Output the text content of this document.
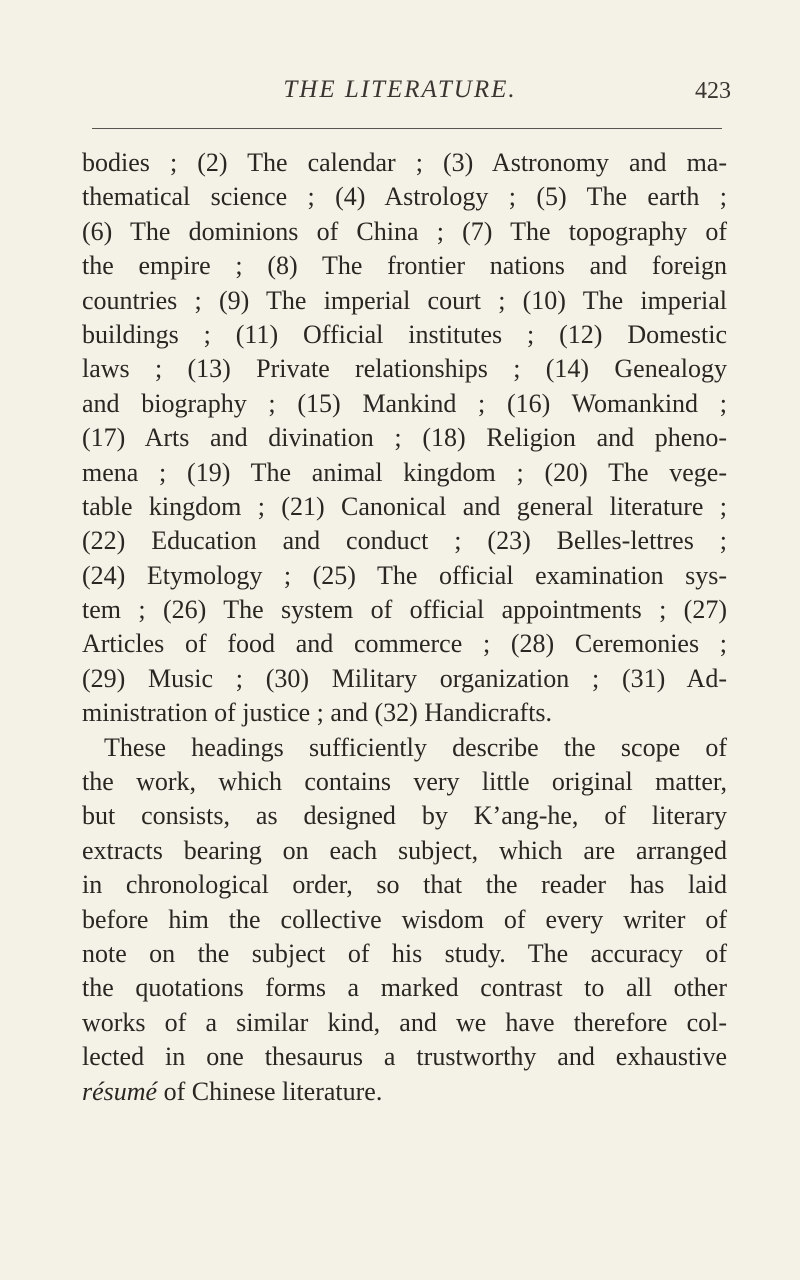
THE LITERATURE.	423
bodies ; (2) The calendar ; (3) Astronomy and ma-
thematical science ; (4) Astrology ; (5) The earth ;
(6) The dominions of China ; (7) The topography of
the empire ; (8) The frontier nations and foreign
countries ; (9) The imperial court ; (10) The imperial
buildings ; (11) Official institutes ; (12) Domestic
laws ; (13) Private relationships ; (14) Genealogy
and biography ; (15) Mankind ; (16) Womankind ;
(17) Arts and divination ; (18) Religion and pheno-
mena ; (19) The animal kingdom ; (20) The vege-
table kingdom ; (21) Canonical and general literature ;
(22) Education and conduct ; (23) Belles-lettres ;
(24) Etymology ; (25) The official examination sys-
tem ; (26) The system of official appointments ; (27)
Articles of food and commerce ; (28) Ceremonies ;
(29) Music ; (30) Military organization ; (31) Ad-
ministration of justice ; and (32) Handicrafts.
These headings sufficiently describe the scope of
the work, which contains very little original matter,
but consists, as designed by K’ang-he, of literary
extracts bearing on each subject, which are arranged
in chronological order, so that the reader has laid
before him the collective wisdom of every writer of
note on the subject of his study. The accuracy of
the quotations forms a marked contrast to all other
works of a similar kind, and we have therefore col-
lected in one thesaurus a trustworthy and exhaustive
résumé of Chinese literature.
